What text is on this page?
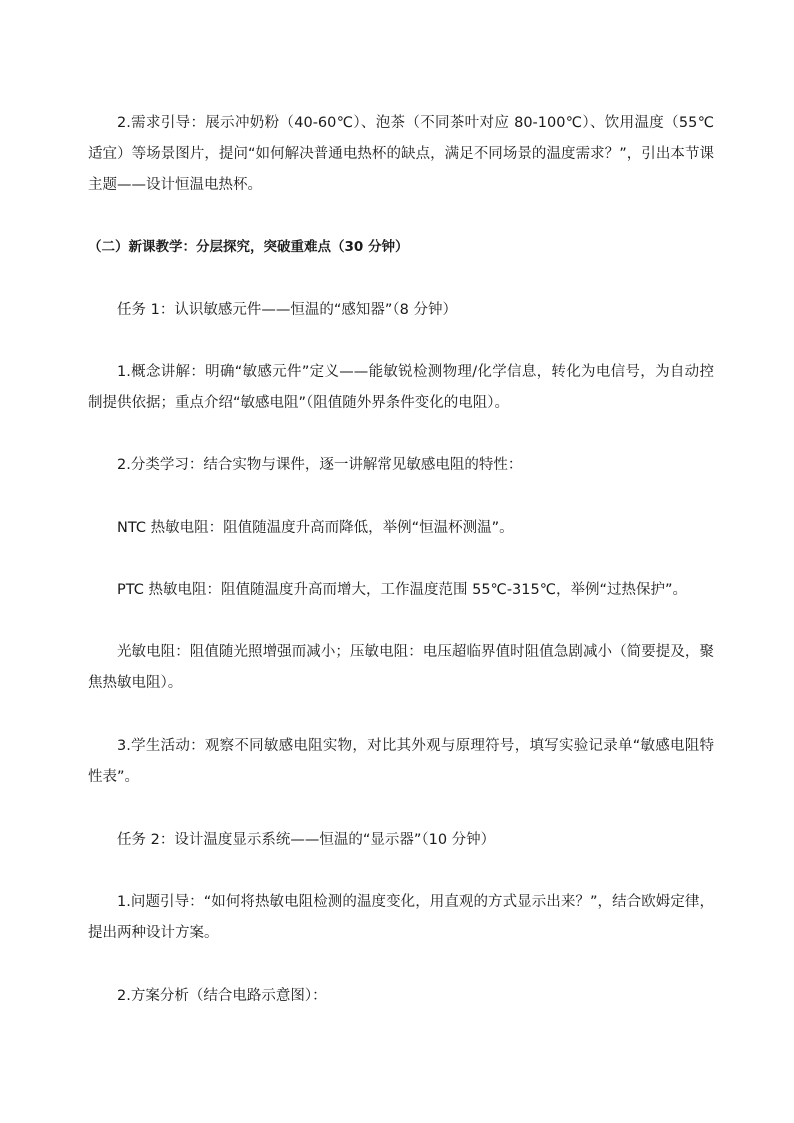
2.需求引导：展示冲奶粉（40-60℃）、泡茶（不同茶叶对应 80-100℃）、饮用温度（55℃适宜）等场景图片，提问“如何解决普通电热杯的缺点，满足不同场景的温度需求？”，引出本节课主题——设计恒温电热杯。

（二）新课教学：分层探究，突破重难点（30 分钟）

任务 1：认识敏感元件——恒温的“感知器”（8 分钟）

1.概念讲解：明确“敏感元件”定义——能敏锐检测物理/化学信息，转化为电信号，为自动控制提供依据；重点介绍“敏感电阻”（阻值随外界条件变化的电阻）。

2.分类学习：结合实物与课件，逐一讲解常见敏感电阻的特性：

NTC 热敏电阻：阻值随温度升高而降低，举例“恒温杯测温”。

PTC 热敏电阻：阻值随温度升高而增大，工作温度范围 55℃-315℃，举例“过热保护”。

光敏电阻：阻值随光照增强而减小；压敏电阻：电压超临界值时阻值急剧减小（简要提及，聚焦热敏电阻）。

3.学生活动：观察不同敏感电阻实物，对比其外观与原理符号，填写实验记录单“敏感电阻特性表”。

任务 2：设计温度显示系统——恒温的“显示器”（10 分钟）

1.问题引导：“如何将热敏电阻检测的温度变化，用直观的方式显示出来？”，结合欧姆定律，提出两种设计方案。

2.方案分析（结合电路示意图）：
